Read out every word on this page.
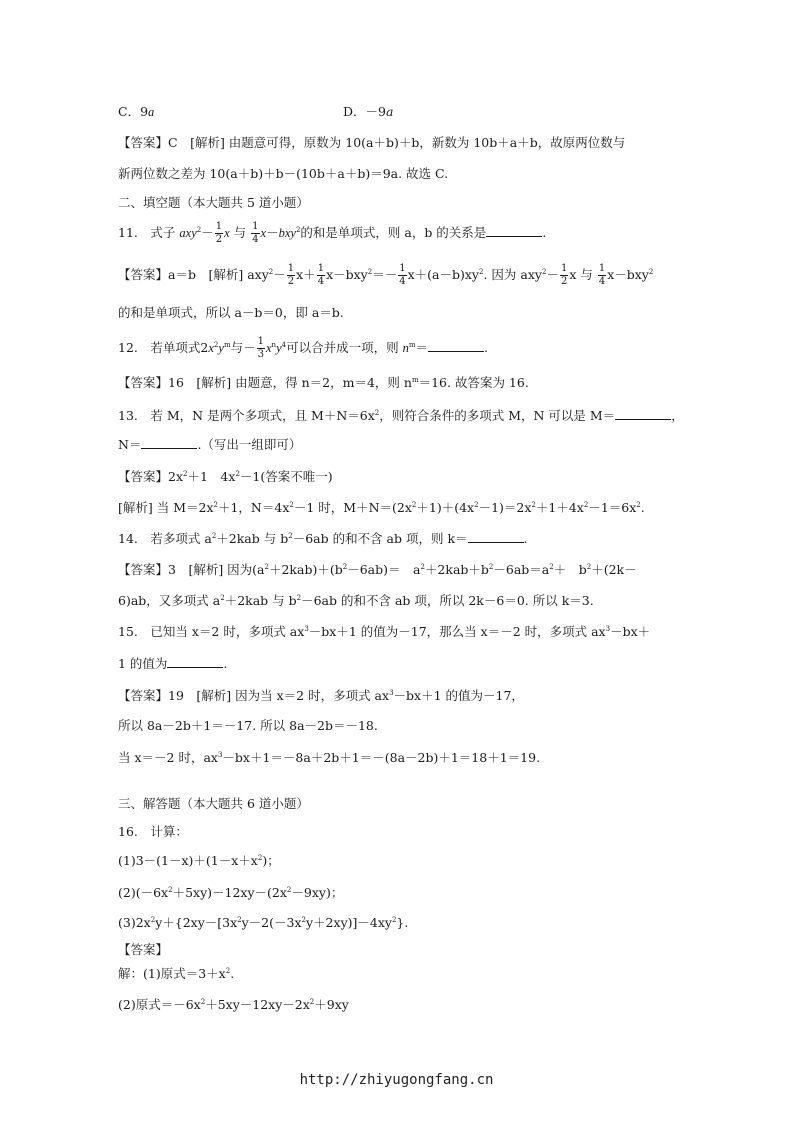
C．9a	D．－9a
【答案】C　[解析] 由题意可得，原数为 10(a＋b)＋b，新数为 10b＋a＋b，故原两位数与
新两位数之差为 10(a＋b)＋b－(10b＋a＋b)＝9a. 故选 C.
二、填空题（本大题共 5 道小题）
11.　式子 $axy^2- \frac{1}{2}$ x 与 $\frac{1}{4} x-bxy^2$的和是单项式，则 a，b 的关系是	.
【答案】a＝b　[解析] $axy^2- \frac{1}{2} x+ \frac{1}{4} x-bxy^2=- \frac{1}{4} x+(a-b)xy^2$. 因为 $axy^2- \frac{1}{2}$ x 与 $\frac{1}{4} x-bxy^2$
的和是单项式，所以 a－b＝0，即 a＝b.
12.　若单项式$2x^2y^m$与－ $\frac{1}{3} x^ny^4$可以合并成一项，则 $n^m=$	.
【答案】16　[解析] 由题意，得 n＝2，m＝4，则 $n^m=16$. 故答案为 16.
13.　若 M，N 是两个多项式，且 $M+N=6x^2$，则符合条件的多项式 M，N 可以是 M＝	，
N＝	.（写出一组即可）
【答案】$2x^2+1$　$4x^2-1$(答案不唯一)
[解析] 当 $M=2x^2+1$，$N=4x^2-1$ 时，$M+N=(2x^2+1)+(4x^2-1)=2x^2+1+4x^2-1=6x^2$.
14.　若多项式 $a^2+2kab$ 与 $b^2-6ab$ 的和不含 ab 项，则 k＝	.
【答案】3　[解析] 因为$(a^2+2kab)+(b^2-6ab)=$　$a^2+2kab+b^2-6ab=a^2+$　$b^2+(2k-$
6)ab，又多项式 $a^2+2kab$ 与 $b^2-6ab$ 的和不含 ab 项，所以 2k－6＝0. 所以 k＝3.
15.　已知当 x＝2 时，多项式 $ax^3-bx+1$ 的值为－17，那么当 x＝－2 时，多项式 $ax^3-bx+$
1 的值为	.
【答案】19　[解析] 因为当 x＝2 时，多项式 $ax^3-bx+1$ 的值为－17，
所以 8a－2b＋1＝－17. 所以 8a－2b＝－18.
当 x＝－2 时，$ax^3-bx+1=-8a+2b+1=-(8a-2b)+1=18+1=19$.
三、解答题（本大题共 6 道小题）
16.　计算：
$(1)3-(1-x)+(1-x+x^2)$；
$(2)(-6x^2+5xy)-12xy-(2x^2-9xy)$；
$(3)2x^2y+\{2xy-[3x^2y-2(-3x^2y+2xy)]-4xy^2\}$.
【答案】
解：(1)原式$=3+x^2$.
(2)原式$=-6x^2+5xy-12xy-2x^2+9xy$
http://zhiyugongfang.cn
